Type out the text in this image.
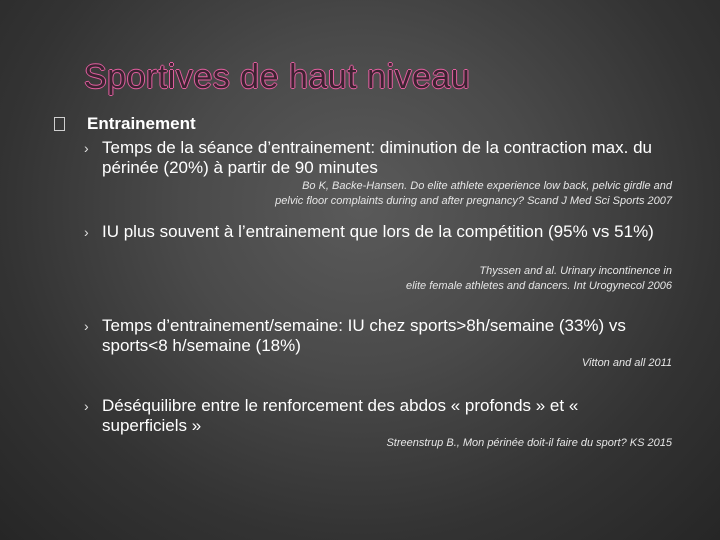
Sportives de haut niveau
Entrainement
› Temps de la séance d’entrainement: diminution de la contraction max. du périnée (20%) à partir de 90 minutes
Bo K, Backe-Hansen. Do elite athlete experience low back, pelvic girdle and
pelvic floor complaints during and after pregnancy? Scand J Med Sci Sports 2007
› IU plus souvent à l’entrainement que lors de la compétition (95% vs 51%)
Thyssen and al. Urinary incontinence in
elite female athletes and dancers. Int Urogynecol 2006
› Temps d’entrainement/semaine: IU chez sports>8h/semaine (33%) vs sports<8 h/semaine (18%)
Vitton and all 2011
› Déséquilibre entre le renforcement des abdos « profonds » et « superficiels »
Streenstrup B., Mon périnée doit-il faire du sport? KS 2015
